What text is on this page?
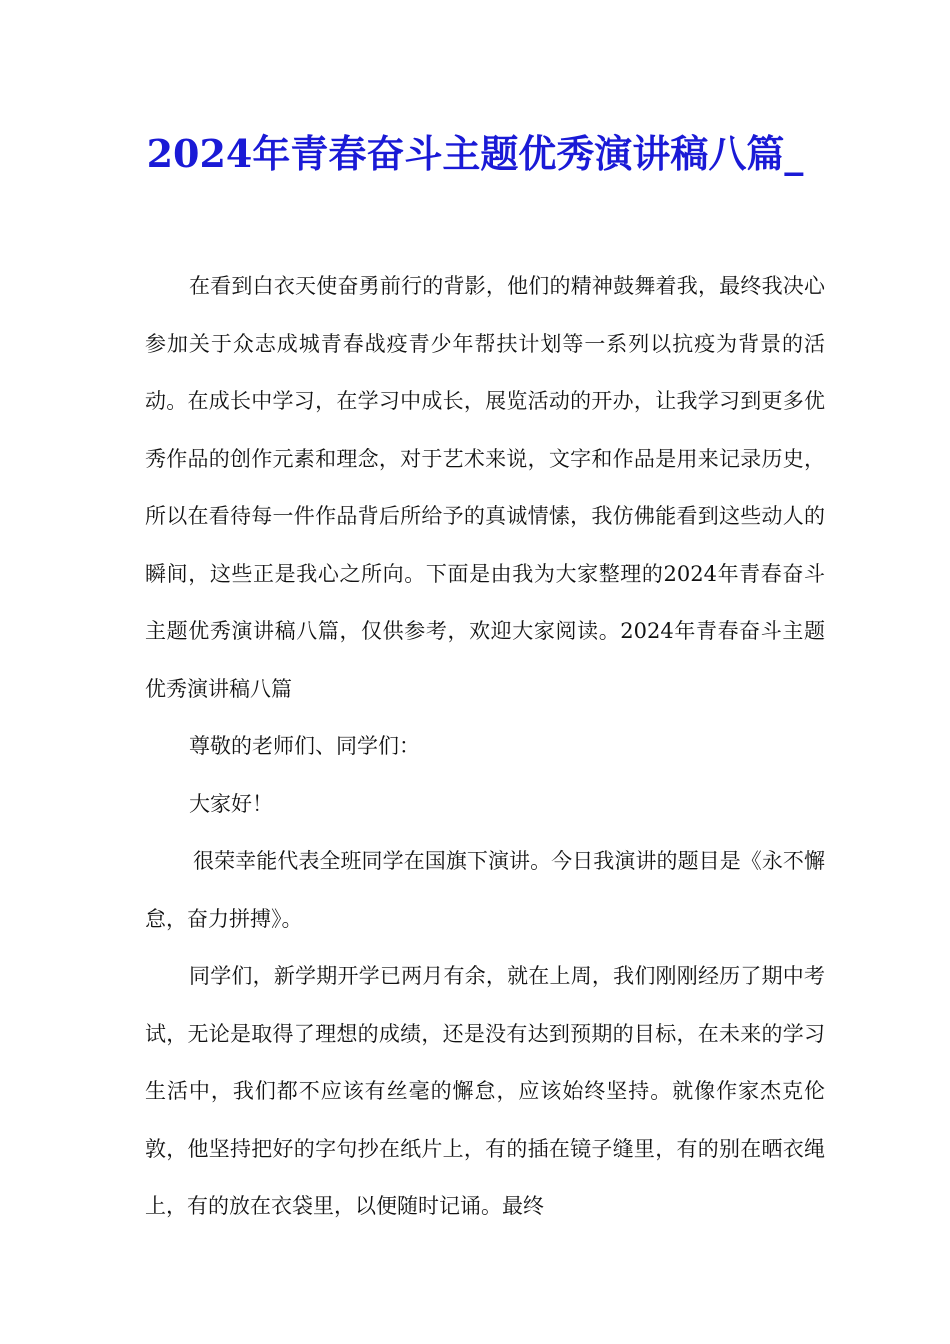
2024年青春奋斗主题优秀演讲稿八篇_

在看到白衣天使奋勇前行的背影，他们的精神鼓舞着我，最终我决心参加关于众志成城青春战疫青少年帮扶计划等一系列以抗疫为背景的活动。在成长中学习，在学习中成长，展览活动的开办，让我学习到更多优秀作品的创作元素和理念，对于艺术来说，文字和作品是用来记录历史，所以在看待每一件作品背后所给予的真诚情愫，我仿佛能看到这些动人的瞬间，这些正是我心之所向。下面是由我为大家整理的2024年青春奋斗主题优秀演讲稿八篇，仅供参考，欢迎大家阅读。2024年青春奋斗主题优秀演讲稿八篇

尊敬的老师们、同学们：

大家好！

很荣幸能代表全班同学在国旗下演讲。今日我演讲的题目是《永不懈怠，奋力拼搏》。

同学们，新学期开学已两月有余，就在上周，我们刚刚经历了期中考试，无论是取得了理想的成绩，还是没有达到预期的目标，在未来的学习生活中，我们都不应该有丝毫的懈怠，应该始终坚持。就像作家杰克伦敦，他坚持把好的字句抄在纸片上，有的插在镜子缝里，有的别在晒衣绳上，有的放在衣袋里，以便随时记诵。最终
